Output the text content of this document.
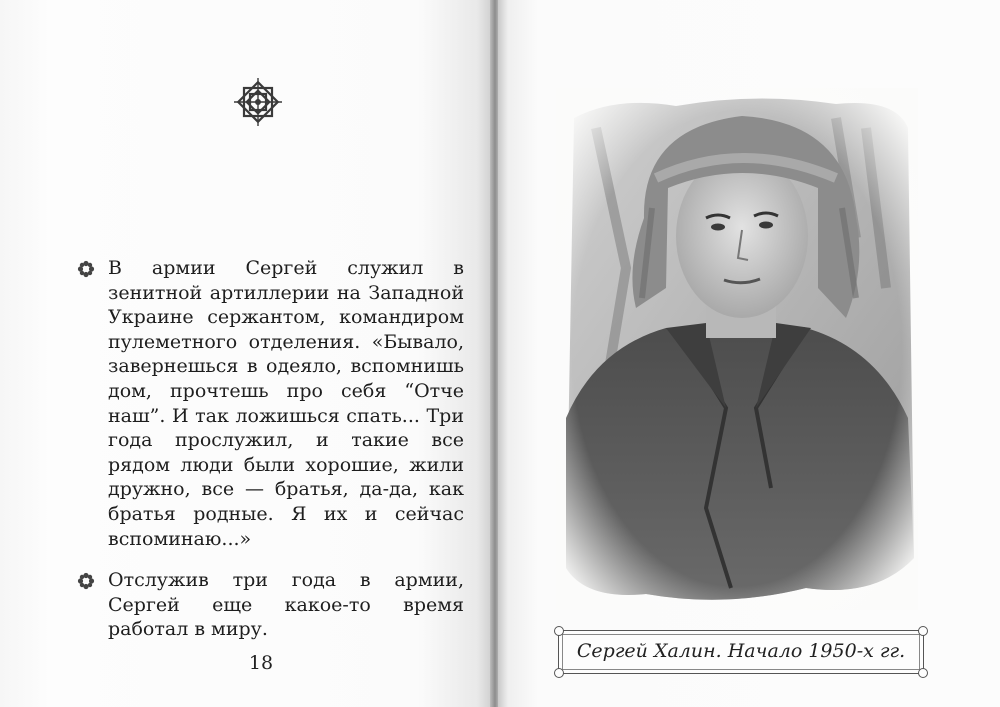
В армии Сергей служил в зенитной артиллерии на Западной Украине сержантом, командиром пулеметного отделения. «Бывало, завернешься в одеяло, вспомнишь дом, прочтешь про себя “Отче наш”. И так ложишься спать... Три года прослужил, и такие все рядом люди были хорошие, жили дружно, все — братья, да-да, как братья родные. Я их и сейчас вспоминаю...»

Отслужив три года в армии, Сергей еще какое-то время работал в миру.

18
Сергей Халин. Начало 1950-х гг.
